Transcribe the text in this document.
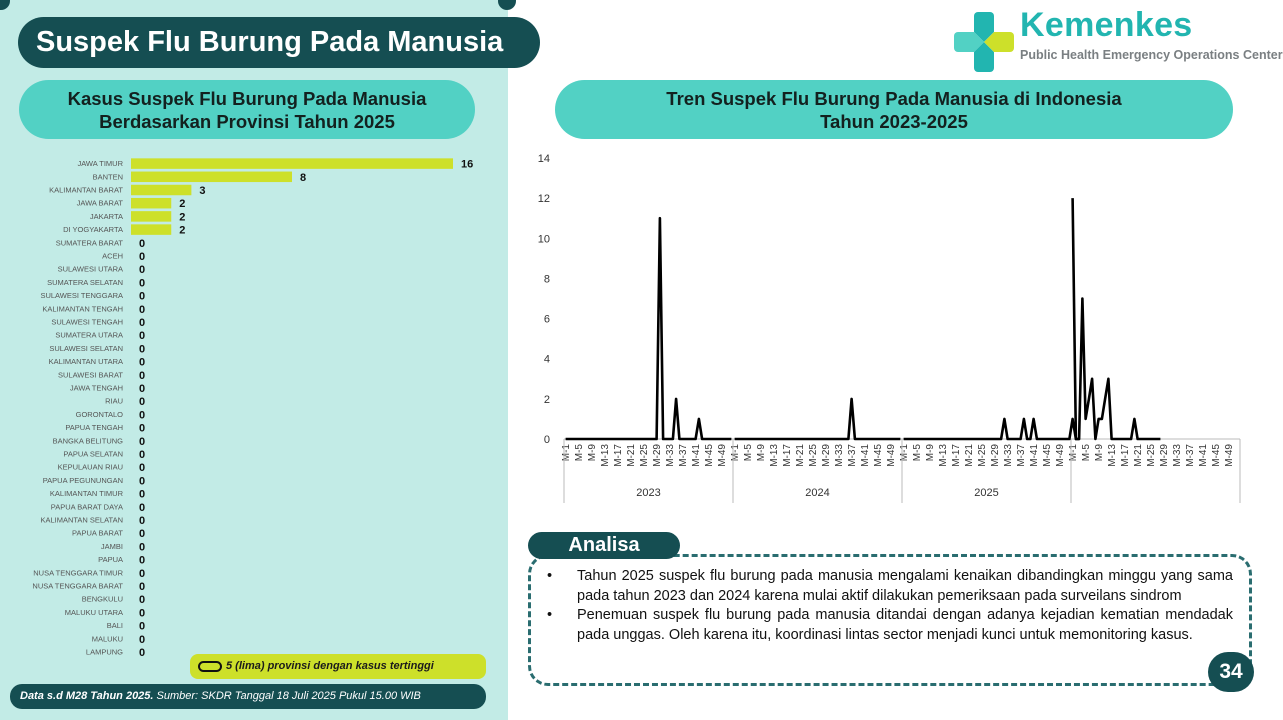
Suspek Flu Burung Pada Manusia	Kemenkes
Public Health Emergency Operations Center
Kasus Suspek Flu Burung Pada Manusia
Berdasarkan Provinsi Tahun 2025
Tren Suspek Flu Burung Pada Manusia di Indonesia
Tahun 2023-2025
JAWA TIMUR	16
BANTEN	8
KALIMANTAN BARAT	3
JAWA BARAT	2
JAKARTA	2
DI YOGYAKARTA	2
SUMATERA BARAT 0
ACEH 0
SULAWESI UTARA 0
SUMATERA SELATAN 0
SULAWESI TENGGARA 0
KALIMANTAN TENGAH 0
SULAWESI TENGAH 0
SUMATERA UTARA 0
SULAWESI SELATAN 0
KALIMANTAN UTARA 0
SULAWESI BARAT 0
JAWA TENGAH 0
RIAU 0
GORONTALO 0
PAPUA TENGAH 0
BANGKA BELITUNG 0
PAPUA SELATAN 0
KEPULAUAN RIAU 0
PAPUA PEGUNUNGAN 0
KALIMANTAN TIMUR 0
PAPUA BARAT DAYA 0
KALIMANTAN SELATAN 0
PAPUA BARAT 0
JAMBI 0
PAPUA 0
NUSA TENGGARA TIMUR 0
NUSA TENGGARA BARAT 0
BENGKULU 0
MALUKU UTARA 0
BALI 0
MALUKU 0
LAMPUNG 0
0
2
4
6
8
10
12
14
M-1 M-5 M-9 M-13 M-17 M-21 M-25 M-29 M-33 M-37 M-41 M-45 M-49
2023
M-1 M-5 M-9 M-13 M-17 M-21 M-25 M-29 M-33 M-37 M-41 M-45 M-49
2024
M-1 M-5 M-9 M-13 M-17 M-21 M-25 M-29 M-33 M-37 M-41 M-45 M-49
2025
M-1 M-5 M-9 M-13 M-17 M-21 M-25 M-29 M-33 M-37 M-41 M-45 M-49
5 (lima) provinsi dengan kasus tertinggi
Data s.d M28 Tahun 2025. Sumber: SKDR Tanggal 18 Juli 2025 Pukul 15.00 WIB
Analisa
• Tahun 2025 suspek flu burung pada manusia mengalami kenaikan dibandingkan minggu yang sama pada tahun 2023 dan 2024 karena mulai aktif dilakukan pemeriksaan pada surveilans sindrom
• Penemuan suspek flu burung pada manusia ditandai dengan adanya kejadian kematian mendadak pada unggas. Oleh karena itu, koordinasi lintas sector menjadi kunci untuk memonitoring kasus.
34
